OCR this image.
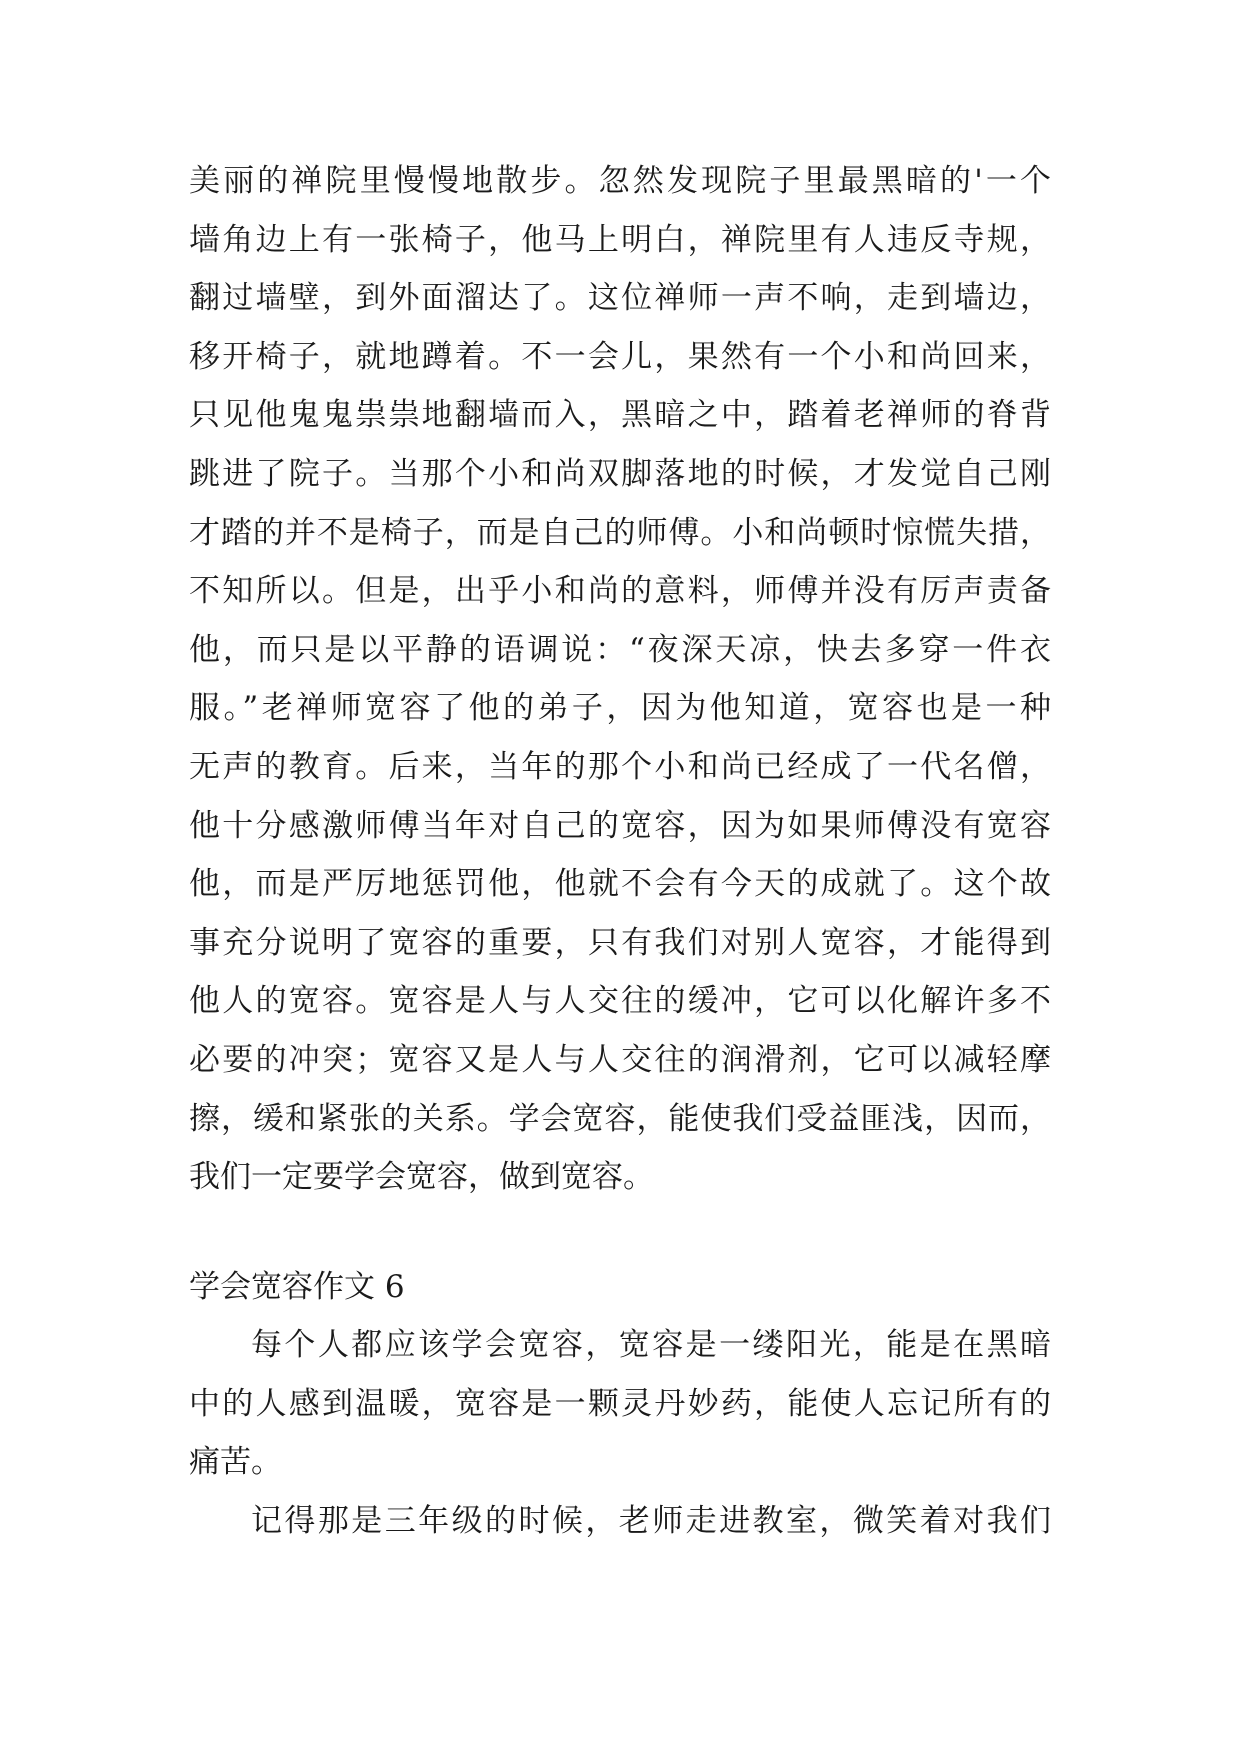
美丽的禅院里慢慢地散步。忽然发现院子里最黑暗的'一个
墙角边上有一张椅子，他马上明白，禅院里有人违反寺规，
翻过墙壁，到外面溜达了。这位禅师一声不响，走到墙边，
移开椅子，就地蹲着。不一会儿，果然有一个小和尚回来，
只见他鬼鬼祟祟地翻墙而入，黑暗之中，踏着老禅师的脊背
跳进了院子。当那个小和尚双脚落地的时候，才发觉自己刚
才踏的并不是椅子，而是自己的师傅。小和尚顿时惊慌失措，
不知所以。但是，出乎小和尚的意料，师傅并没有厉声责备
他，而只是以平静的语调说：“夜深天凉，快去多穿一件衣
服。”老禅师宽容了他的弟子，因为他知道，宽容也是一种
无声的教育。后来，当年的那个小和尚已经成了一代名僧，
他十分感激师傅当年对自己的宽容，因为如果师傅没有宽容
他，而是严厉地惩罚他，他就不会有今天的成就了。这个故
事充分说明了宽容的重要，只有我们对别人宽容，才能得到
他人的宽容。宽容是人与人交往的缓冲，它可以化解许多不
必要的冲突；宽容又是人与人交往的润滑剂，它可以减轻摩
擦，缓和紧张的关系。学会宽容，能使我们受益匪浅，因而，
我们一定要学会宽容，做到宽容。
学会宽容作文 6
每个人都应该学会宽容，宽容是一缕阳光，能是在黑暗
中的人感到温暖，宽容是一颗灵丹妙药，能使人忘记所有的
痛苦。
记得那是三年级的时候，老师走进教室，微笑着对我们
